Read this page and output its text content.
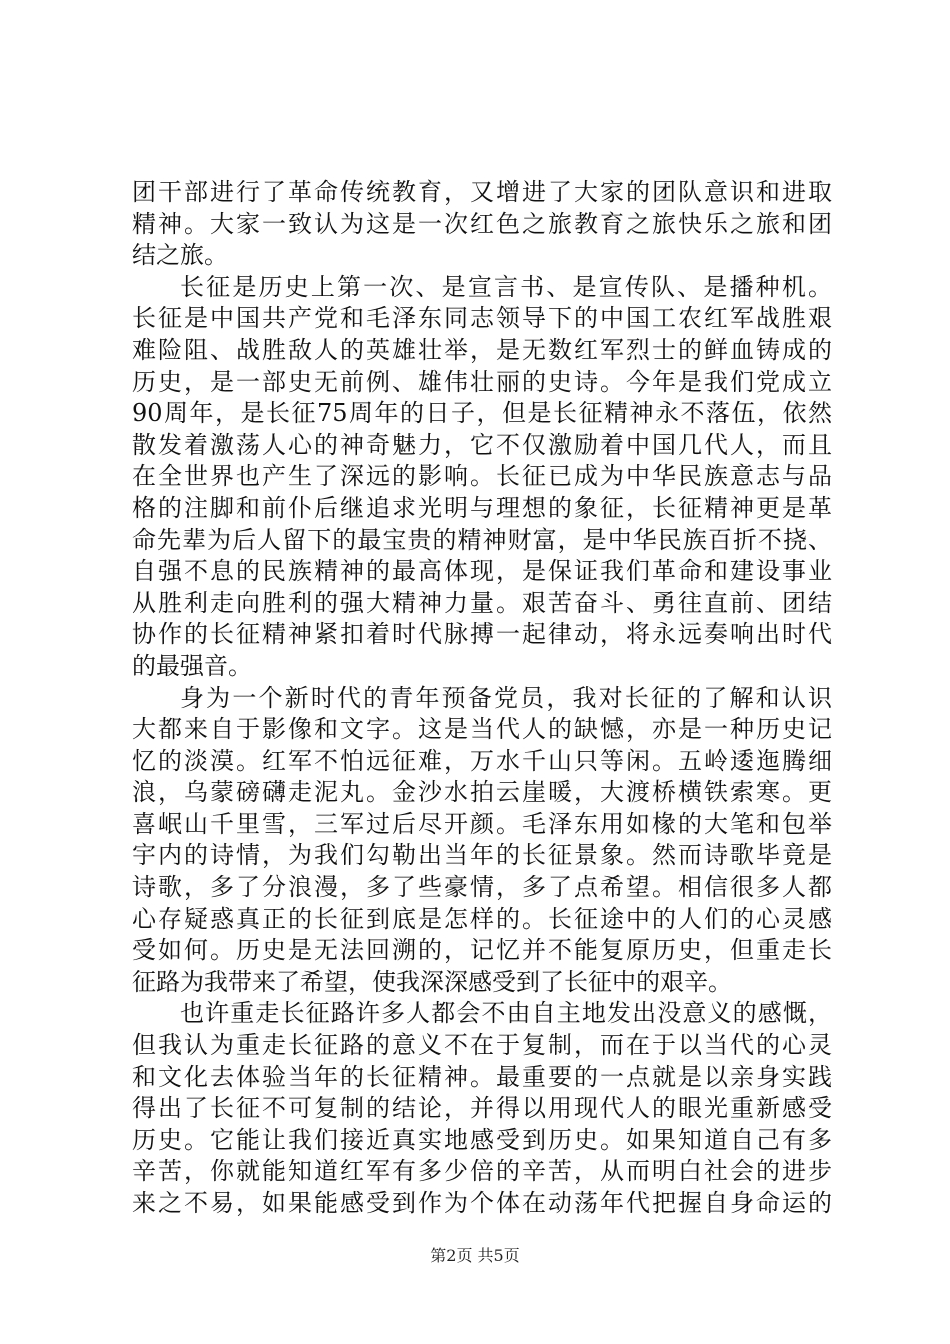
团干部进行了革命传统教育，又增进了大家的团队意识和进取
精神。大家一致认为这是一次红色之旅教育之旅快乐之旅和团
结之旅。
长征是历史上第一次、是宣言书、是宣传队、是播种机。
长征是中国共产党和毛泽东同志领导下的中国工农红军战胜艰
难险阻、战胜敌人的英雄壮举，是无数红军烈士的鲜血铸成的
历史，是一部史无前例、雄伟壮丽的史诗。今年是我们党成立
90周年，是长征75周年的日子，但是长征精神永不落伍，依然
散发着激荡人心的神奇魅力，它不仅激励着中国几代人，而且
在全世界也产生了深远的影响。长征已成为中华民族意志与品
格的注脚和前仆后继追求光明与理想的象征，长征精神更是革
命先辈为后人留下的最宝贵的精神财富，是中华民族百折不挠、
自强不息的民族精神的最高体现，是保证我们革命和建设事业
从胜利走向胜利的强大精神力量。艰苦奋斗、勇往直前、团结
协作的长征精神紧扣着时代脉搏一起律动，将永远奏响出时代
的最强音。
身为一个新时代的青年预备党员，我对长征的了解和认识
大都来自于影像和文字。这是当代人的缺憾，亦是一种历史记
忆的淡漠。红军不怕远征难，万水千山只等闲。五岭逶迤腾细
浪，乌蒙磅礴走泥丸。金沙水拍云崖暖，大渡桥横铁索寒。更
喜岷山千里雪，三军过后尽开颜。毛泽东用如椽的大笔和包举
宇内的诗情，为我们勾勒出当年的长征景象。然而诗歌毕竟是
诗歌，多了分浪漫，多了些豪情，多了点希望。相信很多人都
心存疑惑真正的长征到底是怎样的。长征途中的人们的心灵感
受如何。历史是无法回溯的，记忆并不能复原历史，但重走长
征路为我带来了希望，使我深深感受到了长征中的艰辛。
也许重走长征路许多人都会不由自主地发出没意义的感慨，
但我认为重走长征路的意义不在于复制，而在于以当代的心灵
和文化去体验当年的长征精神。最重要的一点就是以亲身实践
得出了长征不可复制的结论，并得以用现代人的眼光重新感受
历史。它能让我们接近真实地感受到历史。如果知道自己有多
辛苦，你就能知道红军有多少倍的辛苦，从而明白社会的进步
来之不易，如果能感受到作为个体在动荡年代把握自身命运的
第2页 共5页
